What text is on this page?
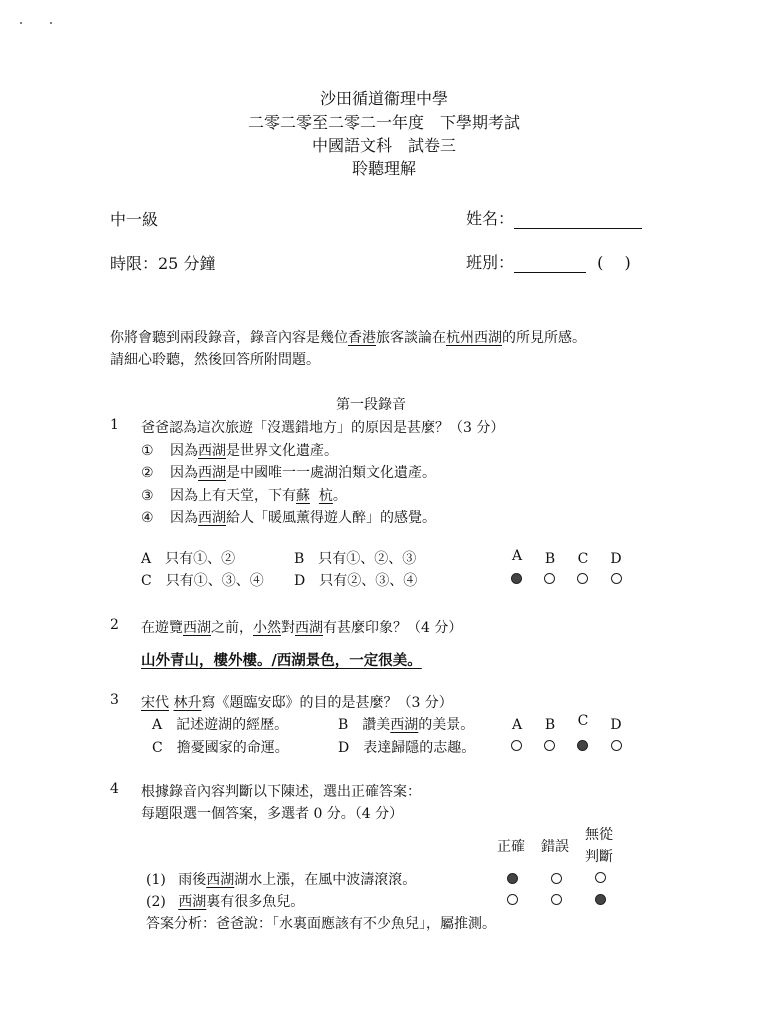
沙田循道衞理中學
二零二零至二零二一年度　下學期考試
中國語文科　試卷三
聆聽理解
中一級	姓名：
時限：25 分鐘	班別：	(　 )
你將會聽到兩段錄音，錄音內容是幾位香港旅客談論在杭州西湖的所見所感。
請細心聆聽，然後回答所附問題。
第一段錄音
1 爸爸認為這次旅遊「沒選錯地方」的原因是甚麼？（3 分）
① 因為西湖是世界文化遺產。
② 因為西湖是中國唯一一處湖泊類文化遺產。
③ 因為上有天堂，下有蘇 杭。
④ 因為西湖給人「暖風薰得遊人醉」的感覺。
A　只有①、②	B　只有①、②、③
C　只有①、③、④ D　只有②、③、④
A B C D
2 在遊覽西湖之前，小然對西湖有甚麼印象？（4 分）
山外青山，樓外樓。/西湖景色，一定很美。
3 宋代 林升寫《題臨安邸》的目的是甚麼？（3 分）
A　記述遊湖的經歷。	B　讚美西湖的美景。
C　擔憂國家的命運。	D　表達歸隱的志趣。
A B C D
4 根據錄音內容判斷以下陳述，選出正確答案：
每題限選一個答案，多選者 0 分。（4 分）
正確 錯誤
無從
判斷
(1) 雨後西湖湖水上漲，在風中波濤滾滾。
(2) 西湖裏有很多魚兒。
答案分析：爸爸說：「水裏面應該有不少魚兒」，屬推測。
